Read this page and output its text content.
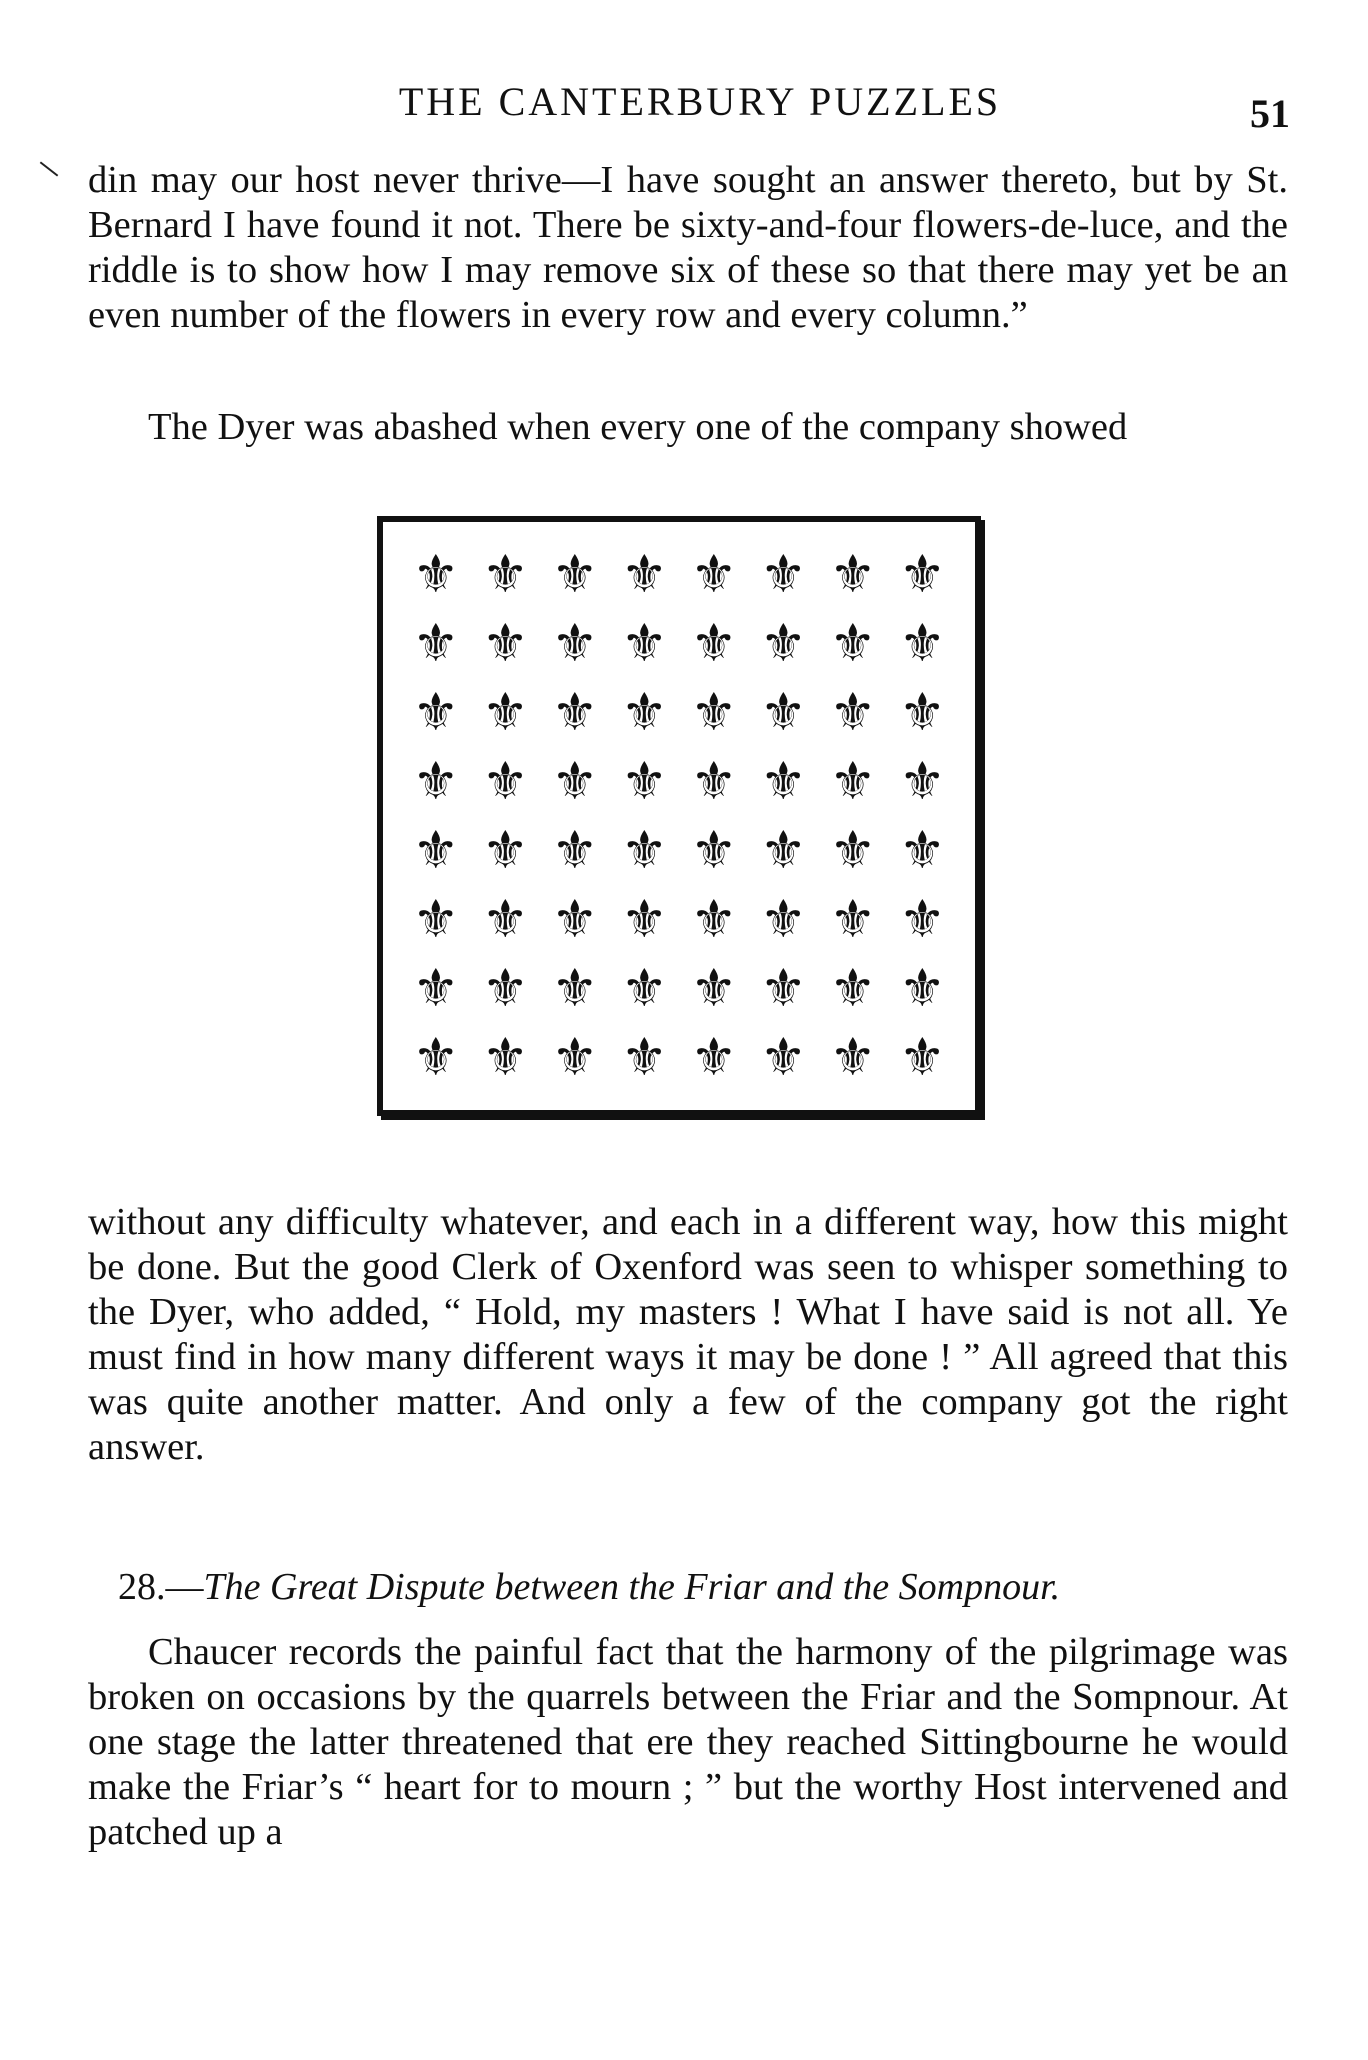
THE CANTERBURY PUZZLES	51

din may our host never thrive—I have sought an answer thereto, but by St. Bernard I have found it not. There be sixty-and-four flowers-de-luce, and the riddle is to show how I may remove six of these so that there may yet be an even number of the flowers in every row and every column.”

The Dyer was abashed when every one of the company showed

⚜ ⚜ ⚜ ⚜ ⚜ ⚜ ⚜ ⚜
⚜ ⚜ ⚜ ⚜ ⚜ ⚜ ⚜ ⚜
⚜ ⚜ ⚜ ⚜ ⚜ ⚜ ⚜ ⚜
⚜ ⚜ ⚜ ⚜ ⚜ ⚜ ⚜ ⚜
⚜ ⚜ ⚜ ⚜ ⚜ ⚜ ⚜ ⚜
⚜ ⚜ ⚜ ⚜ ⚜ ⚜ ⚜ ⚜
⚜ ⚜ ⚜ ⚜ ⚜ ⚜ ⚜ ⚜
⚜ ⚜ ⚜ ⚜ ⚜ ⚜ ⚜ ⚜

without any difficulty whatever, and each in a different way, how this might be done. But the good Clerk of Oxenford was seen to whisper something to the Dyer, who added, “ Hold, my masters ! What I have said is not all. Ye must find in how many different ways it may be done ! ” All agreed that this was quite another matter. And only a few of the company got the right answer.

28.—The Great Dispute between the Friar and the Sompnour.

Chaucer records the painful fact that the harmony of the pilgrimage was broken on occasions by the quarrels between the Friar and the Sompnour. At one stage the latter threatened that ere they reached Sittingbourne he would make the Friar’s “ heart for to mourn ; ” but the worthy Host intervened and patched up a
